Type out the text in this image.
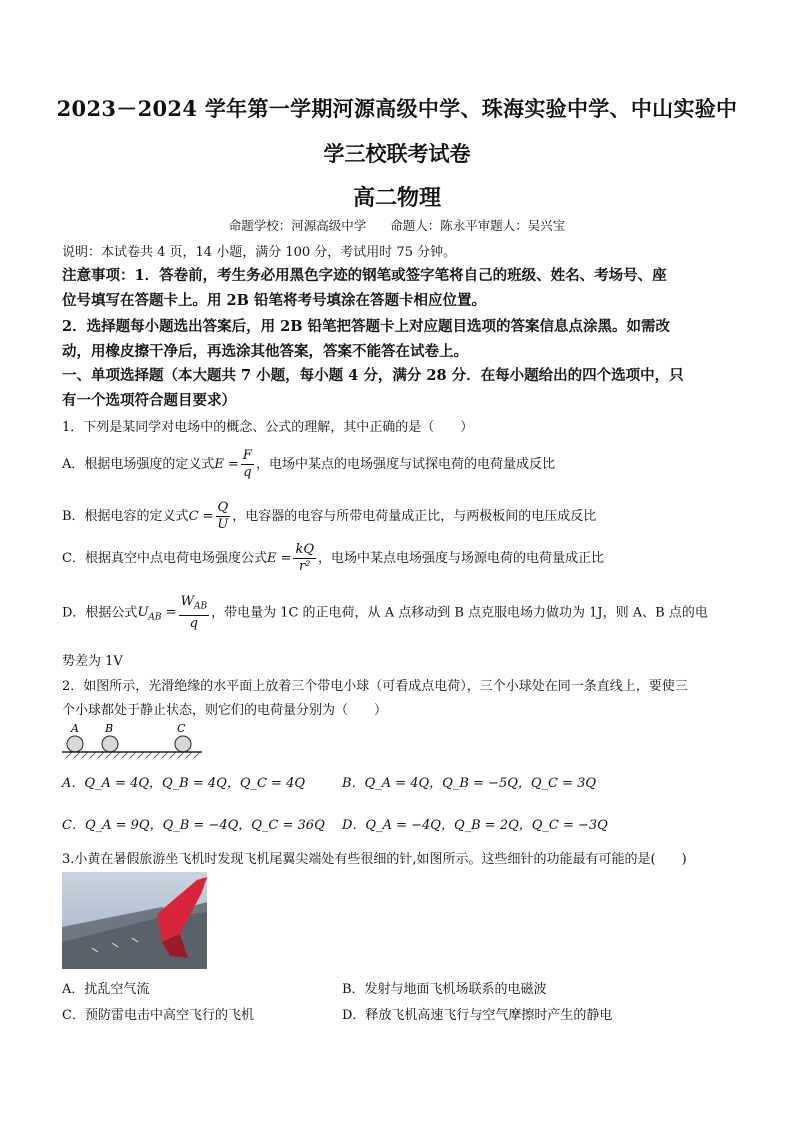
2023－2024 学年第一学期河源高级中学、珠海实验中学、中山实验中
学三校联考试卷
高二物理
命题学校：河源高级中学 命题人：陈永平审题人：吴兴宝
说明：本试卷共 4 页，14 小题，满分 100 分，考试用时 75 分钟。
注意事项：1．答卷前，考生务必用黑色字迹的钢笔或签字笔将自己的班级、姓名、考场号、座
位号填写在答题卡上。用 2B 铅笔将考号填涂在答题卡相应位置。
2．选择题每小题选出答案后，用 2B 铅笔把答题卡上对应题目选项的答案信息点涂黑。如需改
动，用橡皮擦干净后，再选涂其他答案，答案不能答在试卷上。
一、单项选择题（本大题共 7 小题，每小题 4 分，满分 28 分．在每小题给出的四个选项中，只
有一个选项符合题目要求）
1．下列是某同学对电场中的概念、公式的理解，其中正确的是（　　）
A．根据电场强度的定义式$E = \frac{F}{q}$ ，电场中某点的电场强度与试探电荷的电荷量成反比
B．根据电容的定义式$C = \frac{Q}{U}$ ，电容器的电容与所带电荷量成正比，与两极板间的电压成反比
C．根据真空中点电荷电场强度公式$E = \frac{kQ}{\text{r²}}$ ，电场中某点电场强度与场源电荷的电荷量成正比
D．根据公式$U_{AB} = \frac{W_{AB}}{q}$ ，带电量为 1C 的正电荷，从 A 点移动到 B 点克服电场力做功为 1J，则 A、B 点的电
势差为 1V
2．如图所示，光滑绝缘的水平面上放着三个带电小球（可看成点电荷），三个小球处在同一条直线上，要使三
个小球都处于静止状态，则它们的电荷量分别为（　　）
A B	C
A．Q_A = 4Q，Q_B = 4Q，Q_C = 4Q	B．Q_A = 4Q，Q_B = −5Q，Q_C = 3Q
C．Q_A = 9Q，Q_B = −4Q，Q_C = 36Q D．Q_A = −4Q，Q_B = 2Q，Q_C = −3Q
3.小黄在暑假旅游坐飞机时发现飞机尾翼尖端处有些很细的针,如图所示。这些细针的功能最有可能的是(　　)
A．扰乱空气流	B．发射与地面飞机场联系的电磁波
C．预防雷电击中高空飞行的飞机	D．释放飞机高速飞行与空气摩擦时产生的静电
